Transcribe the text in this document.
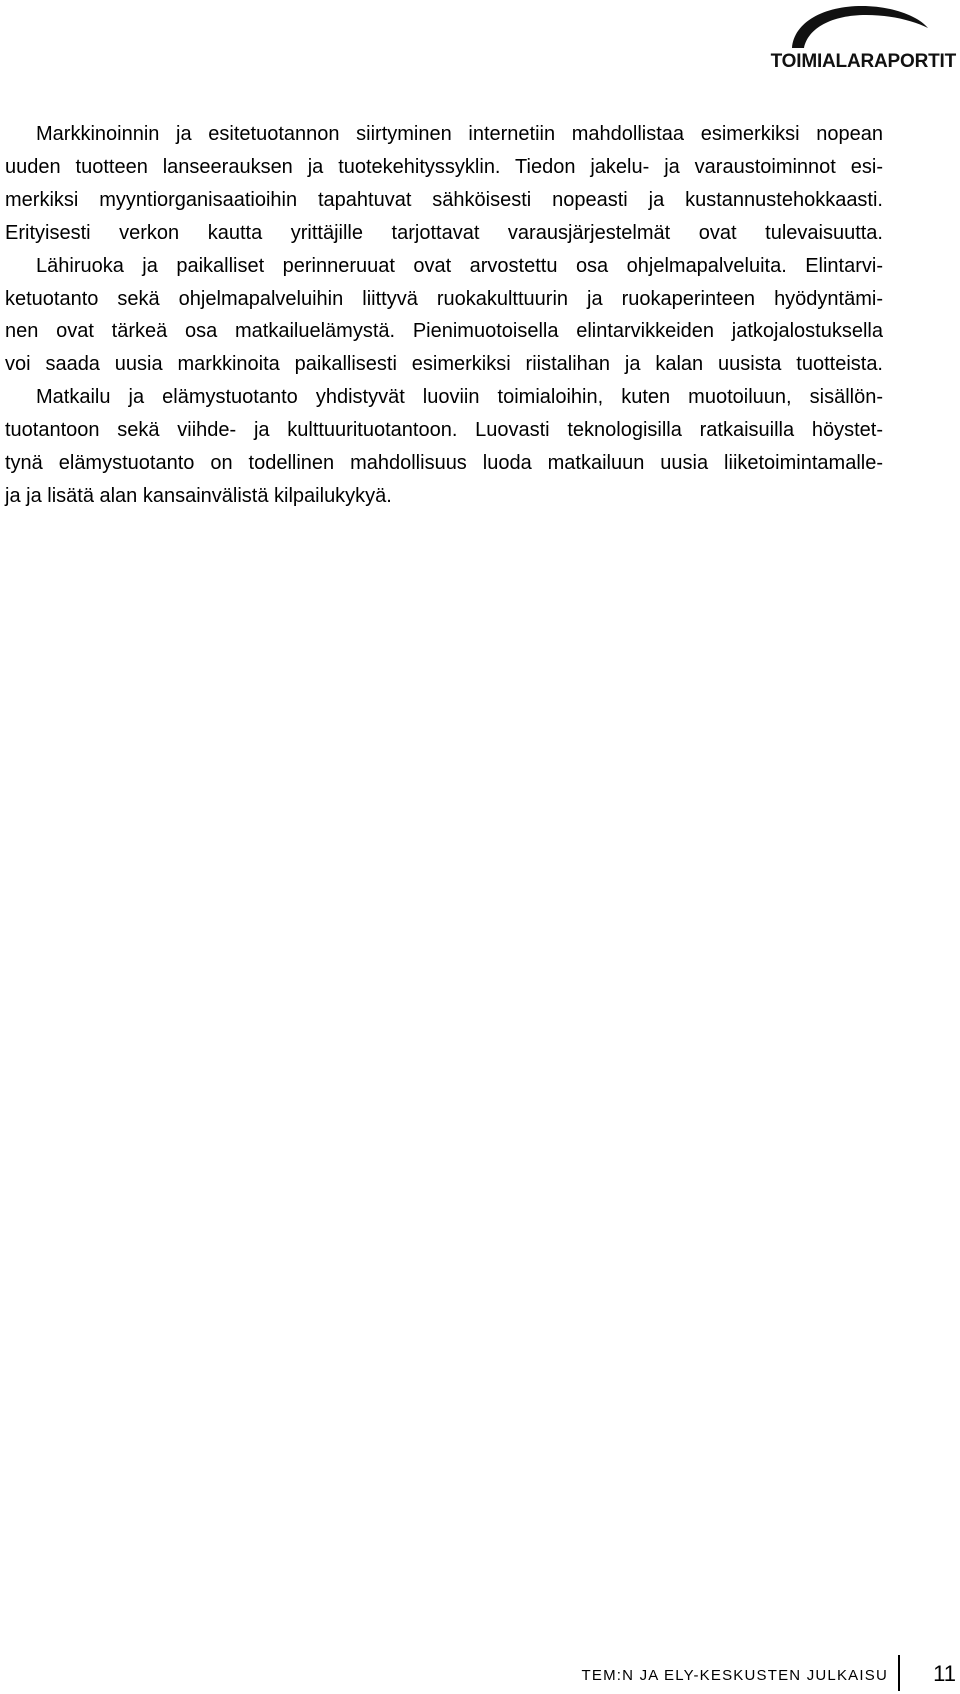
TOIMIALARAPORTIT
Markkinoinnin ja esitetuotannon siirtyminen internetiin mahdollistaa esimerkiksi nopean
uuden tuotteen lanseerauksen ja tuotekehityssyklin. Tiedon jakelu- ja varaustoiminnot esi-
merkiksi myyntiorganisaatioihin tapahtuvat sähköisesti nopeasti ja kustannustehokkaasti.
Erityisesti verkon kautta yrittäjille tarjottavat varausjärjestelmät ovat tulevaisuutta.
Lähiruoka ja paikalliset perinneruuat ovat arvostettu osa ohjelmapalveluita. Elintarvi-
ketuotanto sekä ohjelmapalveluihin liittyvä ruokakulttuurin ja ruokaperinteen hyödyntämi-
nen ovat tärkeä osa matkailuelämystä. Pienimuotoisella elintarvikkeiden jatkojalostuksella
voi saada uusia markkinoita paikallisesti esimerkiksi riistalihan ja kalan uusista tuotteista.
Matkailu ja elämystuotanto yhdistyvät luoviin toimialoihin, kuten muotoiluun, sisällön-
tuotantoon sekä viihde- ja kulttuurituotantoon. Luovasti teknologisilla ratkaisuilla höystet-
tynä elämystuotanto on todellinen mahdollisuus luoda matkailuun uusia liiketoimintamalle-
ja ja lisätä alan kansainvälistä kilpailukykyä.
TEM:N JA ELY-KESKUSTEN JULKAISU 11
